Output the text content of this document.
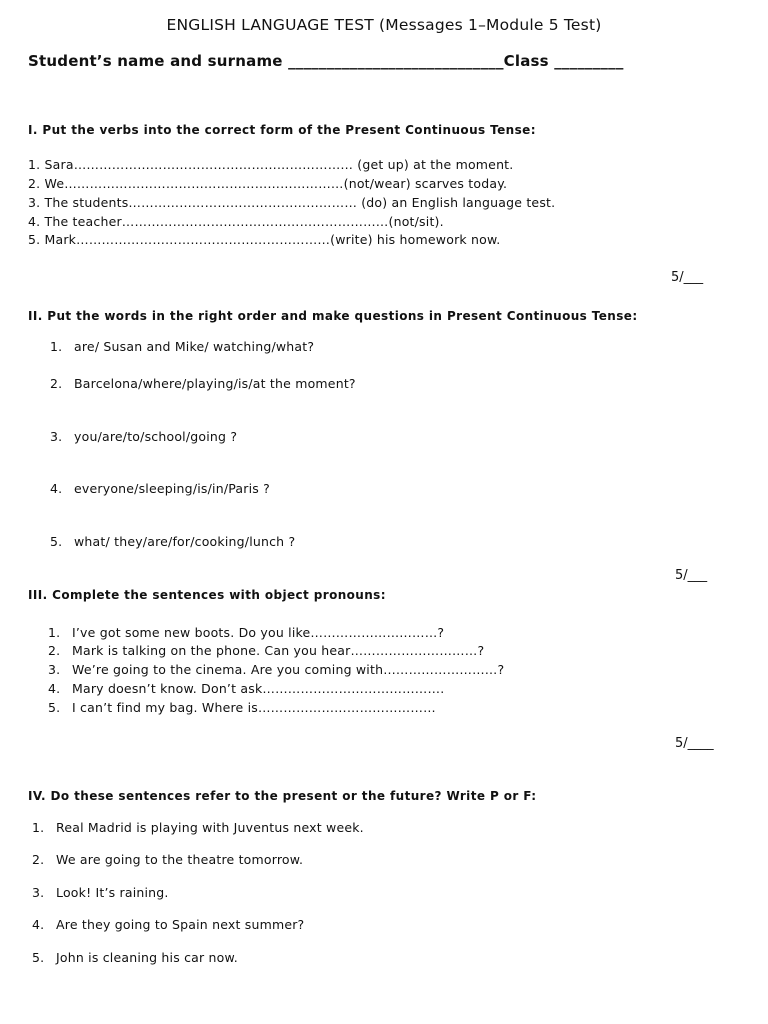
ENGLISH LANGUAGE TEST (Messages 1–Module 5 Test)
Student’s name and surname ____________________________Class _________
I. Put the verbs into the correct form of the Present Continuous Tense:
1. Sara………………………………………………………… (get up) at the moment.
2. We…………………………………………………………(not/wear) scarves today.
3. The students……………………………………………… (do) an English language test.
4. The teacher………………………………………………………(not/sit).
5. Mark……………………………………………………(write) his homework now.
5/___
II. Put the words in the right order and make questions in Present Continuous Tense:
1. are/ Susan and Mike/ watching/what?
2. Barcelona/where/playing/is/at the moment?
3. you/are/to/school/going ?
4. everyone/sleeping/is/in/Paris ?
5. what/ they/are/for/cooking/lunch ?
5/___
III. Complete the sentences with object pronouns:
1. I’ve got some new boots. Do you like…………………………?
2. Mark is talking on the phone. Can you hear…………………………?
3. We’re going to the cinema. Are you coming with………………………?
4. Mary doesn’t know. Don’t ask…………………………………….
5. I can’t find my bag. Where is……………………………………
5/____
IV. Do these sentences refer to the present or the future? Write P or F:
1. Real Madrid is playing with Juventus next week.
2. We are going to the theatre tomorrow.
3. Look! It’s raining.
4. Are they going to Spain next summer?
5. John is cleaning his car now.
